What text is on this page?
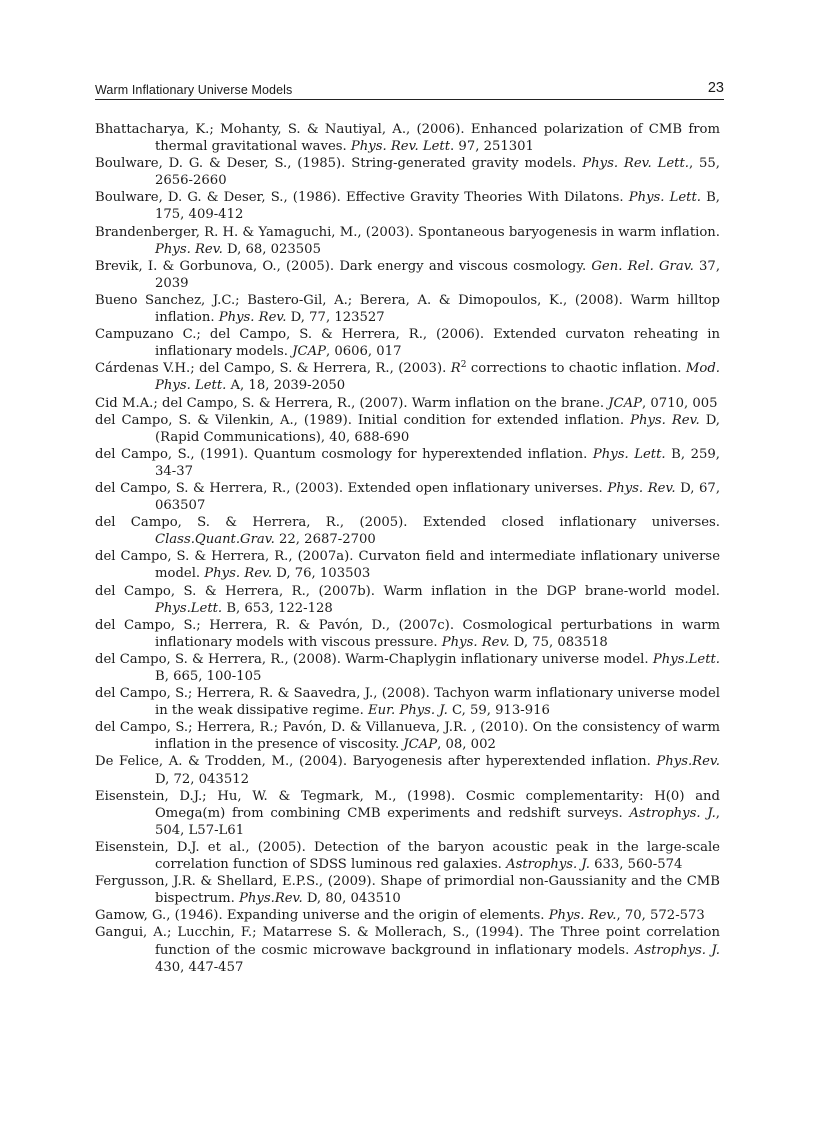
Warm Inflationary Universe Models	23

Bhattacharya, K.; Mohanty, S. & Nautiyal, A., (2006). Enhanced polarization of CMB from thermal gravitational waves. Phys. Rev. Lett. 97, 251301

Boulware, D. G. & Deser, S., (1985). String-generated gravity models. Phys. Rev. Lett., 55, 2656-2660

Boulware, D. G. & Deser, S., (1986). Effective Gravity Theories With Dilatons. Phys. Lett. B, 175, 409-412

Brandenberger, R. H. & Yamaguchi, M., (2003). Spontaneous baryogenesis in warm inflation. Phys. Rev. D, 68, 023505

Brevik, I. & Gorbunova, O., (2005). Dark energy and viscous cosmology. Gen. Rel. Grav. 37, 2039

Bueno Sanchez, J.C.; Bastero-Gil, A.; Berera, A. & Dimopoulos, K., (2008). Warm hilltop inflation. Phys. Rev. D, 77, 123527

Campuzano C.; del Campo, S. & Herrera, R., (2006). Extended curvaton reheating in inflationary models. JCAP, 0606, 017

Cárdenas V.H.; del Campo, S. & Herrera, R., (2003). $R^2$ corrections to chaotic inflation. Mod. Phys. Lett. A, 18, 2039-2050

Cid M.A.; del Campo, S. & Herrera, R., (2007). Warm inflation on the brane. JCAP, 0710, 005

del Campo, S. & Vilenkin, A., (1989). Initial condition for extended inflation. Phys. Rev. D, (Rapid Communications), 40, 688-690

del Campo, S., (1991). Quantum cosmology for hyperextended inflation. Phys. Lett. B, 259, 34-37

del Campo, S. & Herrera, R., (2003). Extended open inflationary universes. Phys. Rev. D, 67, 063507

del Campo, S. & Herrera, R., (2005). Extended closed inflationary universes. Class.Quant.Grav. 22, 2687-2700

del Campo, S. & Herrera, R., (2007a). Curvaton field and intermediate inflationary universe model. Phys. Rev. D, 76, 103503

del Campo, S. & Herrera, R., (2007b). Warm inflation in the DGP brane-world model. Phys.Lett. B, 653, 122-128

del Campo, S.; Herrera, R. & Pavón, D., (2007c). Cosmological perturbations in warm inflationary models with viscous pressure. Phys. Rev. D, 75, 083518

del Campo, S. & Herrera, R., (2008). Warm-Chaplygin inflationary universe model. Phys.Lett. B, 665, 100-105

del Campo, S.; Herrera, R. & Saavedra, J., (2008). Tachyon warm inflationary universe model in the weak dissipative regime. Eur. Phys. J. C, 59, 913-916

del Campo, S.; Herrera, R.; Pavón, D. & Villanueva, J.R. , (2010). On the consistency of warm inflation in the presence of viscosity. JCAP, 08, 002

De Felice, A. & Trodden, M., (2004). Baryogenesis after hyperextended inflation. Phys.Rev. D, 72, 043512

Eisenstein, D.J.; Hu, W. & Tegmark, M., (1998). Cosmic complementarity: H(0) and Omega(m) from combining CMB experiments and redshift surveys. Astrophys. J., 504, L57-L61

Eisenstein, D.J. et al., (2005). Detection of the baryon acoustic peak in the large-scale correlation function of SDSS luminous red galaxies. Astrophys. J. 633, 560-574

Fergusson, J.R. & Shellard, E.P.S., (2009). Shape of primordial non-Gaussianity and the CMB bispectrum. Phys.Rev. D, 80, 043510

Gamow, G., (1946). Expanding universe and the origin of elements. Phys. Rev., 70, 572-573

Gangui, A.; Lucchin, F.; Matarrese S. & Mollerach, S., (1994). The Three point correlation function of the cosmic microwave background in inflationary models. Astrophys. J. 430, 447-457
